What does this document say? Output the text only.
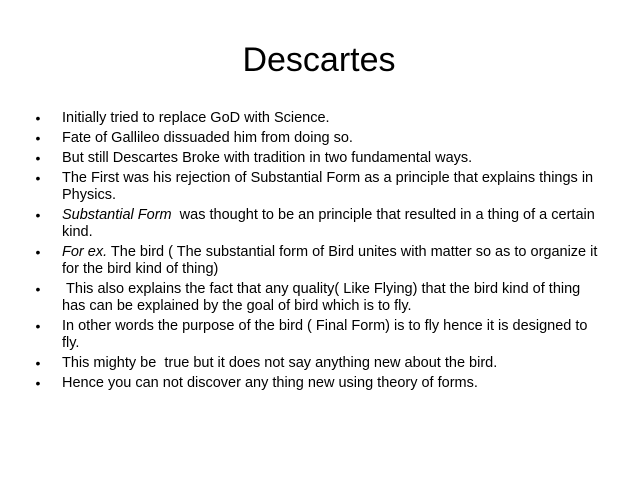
Descartes
• Initially tried to replace GoD with Science.
• Fate of Gallileo dissuaded him from doing so.
• But still Descartes Broke with tradition in two fundamental ways.
• The First was his rejection of Substantial Form as a principle that explains things in Physics.
• Substantial Form  was thought to be an principle that resulted in a thing of a certain kind.
• For ex. The bird ( The substantial form of Bird unites with matter so as to organize it for the bird kind of thing)
• This also explains the fact that any quality( Like Flying) that the bird kind of thing has can be explained by the goal of bird which is to fly.
• In other words the purpose of the bird ( Final Form) is to fly hence it is designed to fly.
• This mighty be  true but it does not say anything new about the bird.
• Hence you can not discover any thing new using theory of forms.
